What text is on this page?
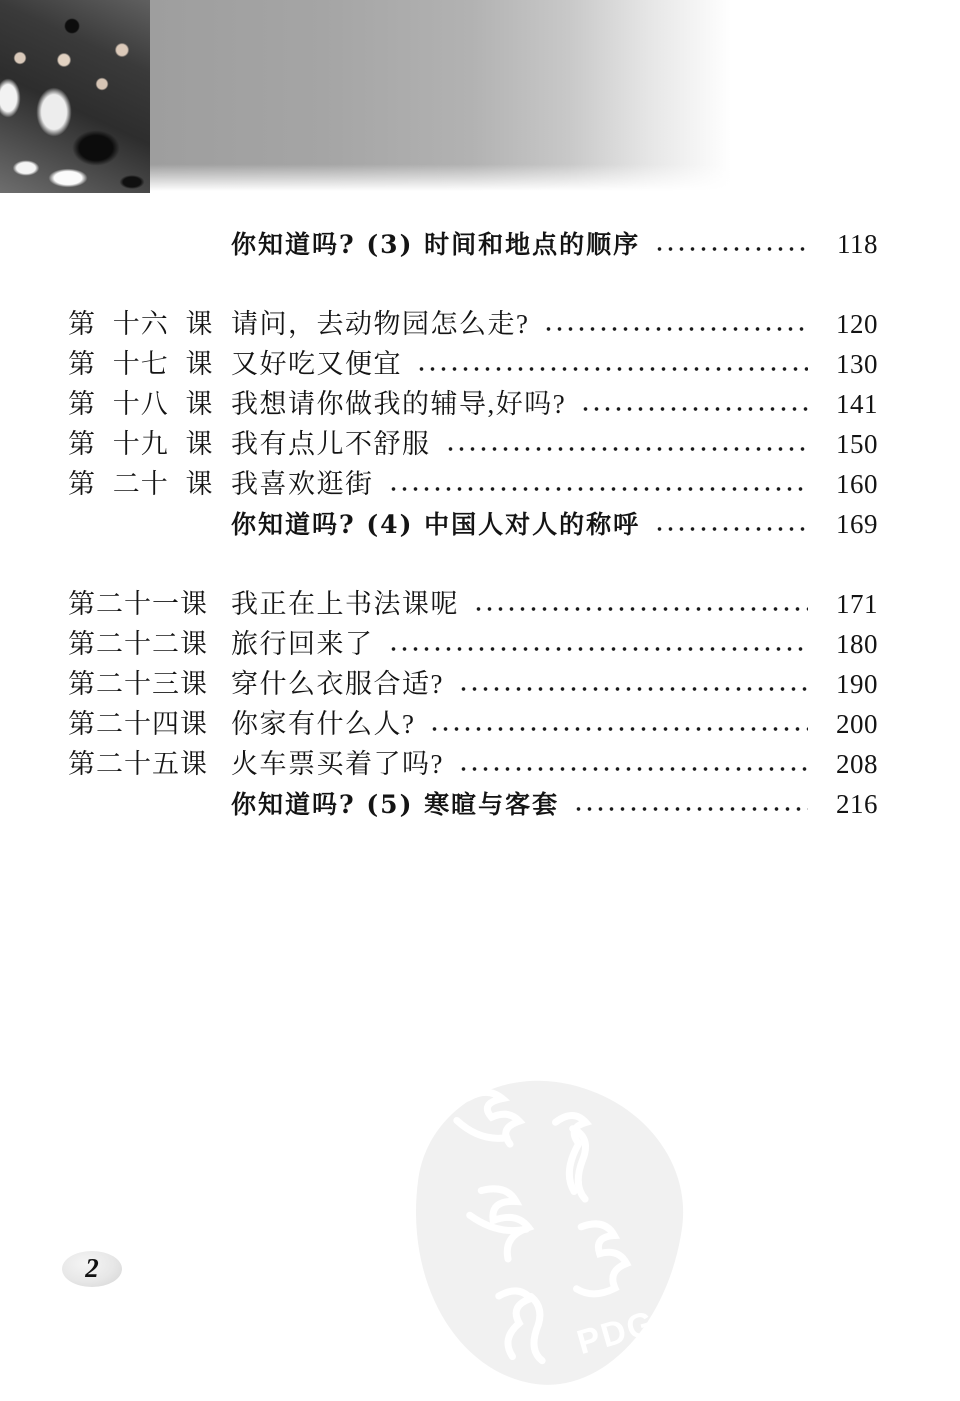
你知道吗? (3) 时间和地点的顺序	118
第 十六 课 请问，去动物园怎么走?	120
第 十七 课 又好吃又便宜	130
第 十八 课 我想请你做我的辅导,好吗?	141
第 十九 课 我有点儿不舒服	150
第 二十 课 我喜欢逛街	160
你知道吗? (4) 中国人对人的称呼	169
第二十一课 我正在上书法课呢	171
第二十二课 旅行回来了	180
第二十三课 穿什么衣服合适?	190
第二十四课 你家有什么人?	200
第二十五课 火车票买着了吗?	208
你知道吗? (5) 寒暄与客套	216
2
PDG
